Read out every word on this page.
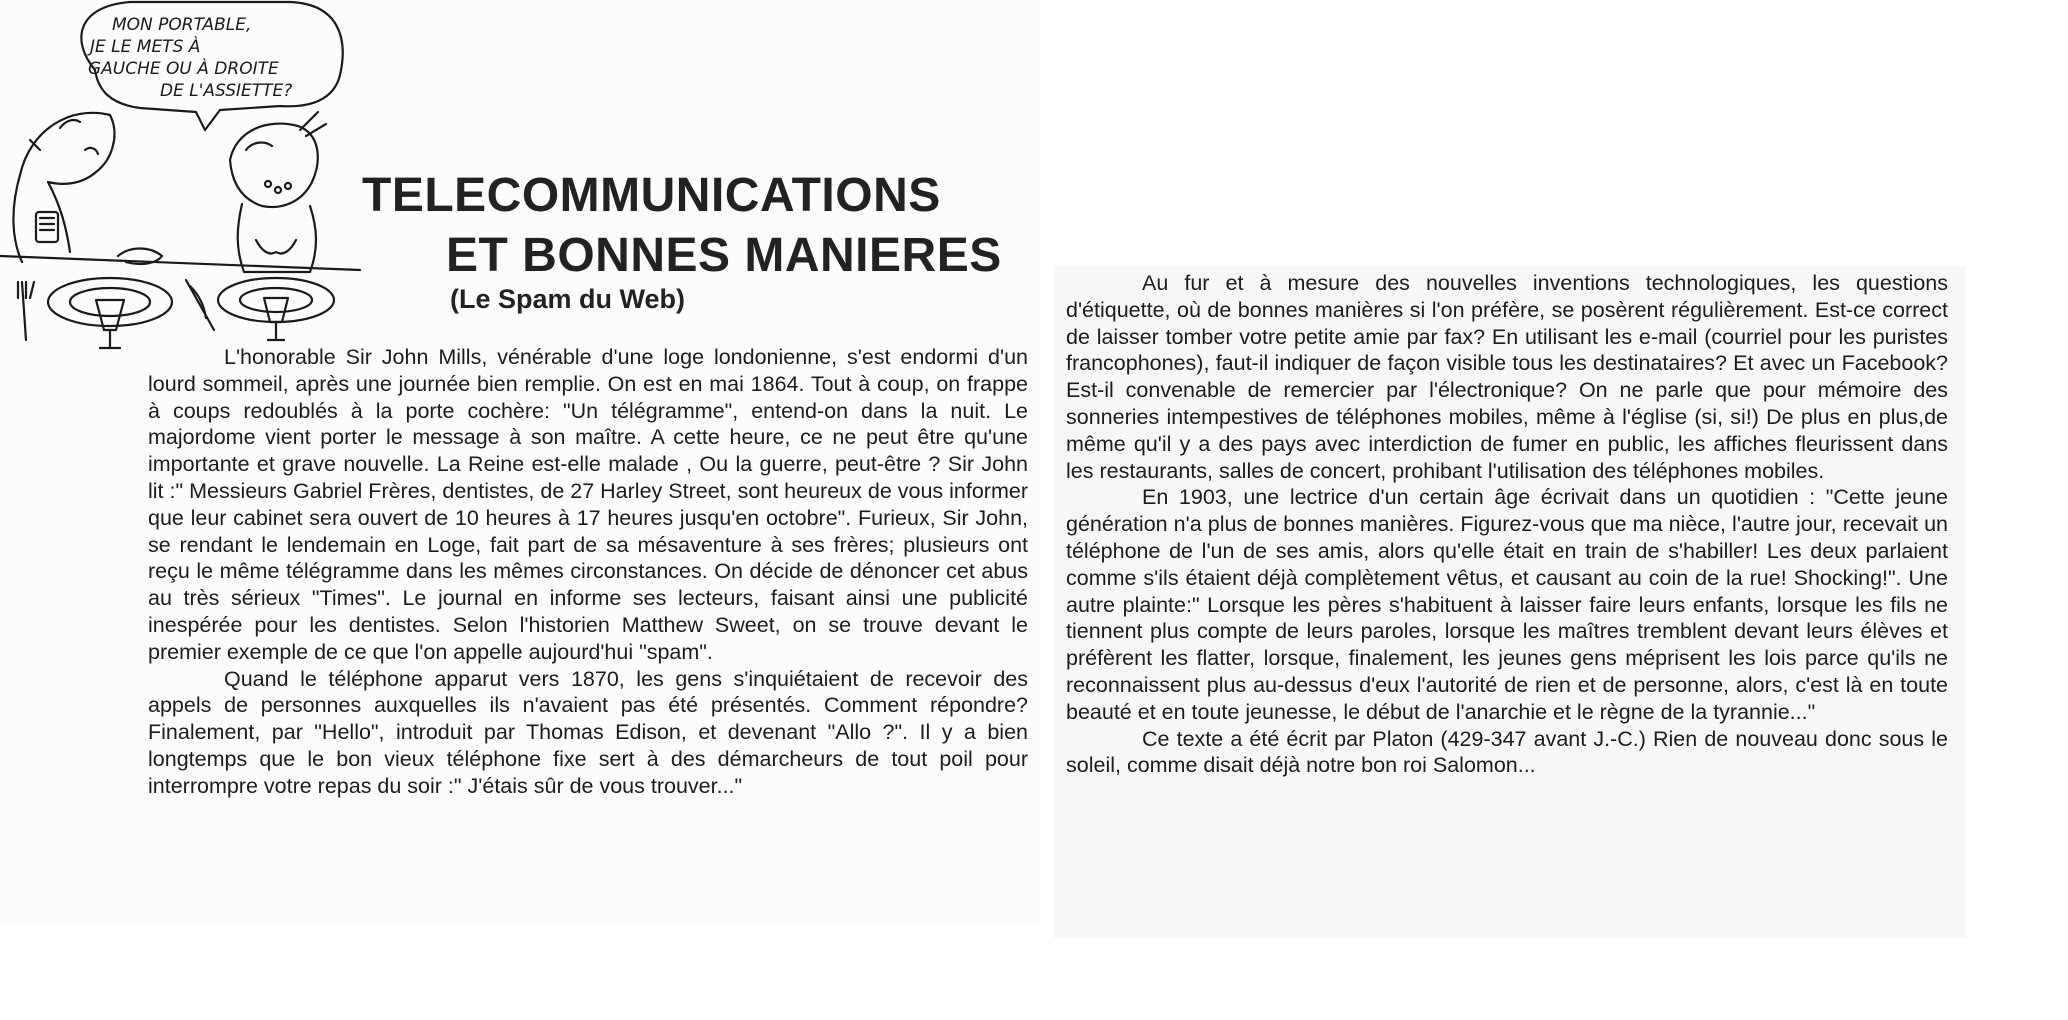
MON PORTABLE,
JE LE METS À
GAUCHE OU À DROITE
DE L'ASSIETTE?
TELECOMMUNICATIONS
ET BONNES MANIERES
(Le Spam du Web)

L'honorable Sir John Mills, vénérable d'une loge londonienne, s'est endormi d'un lourd sommeil, après une journée bien remplie. On est en mai 1864. Tout à coup, on frappe à coups redoublés à la porte cochère: "Un télégramme", entend-on dans la nuit. Le majordome vient porter le message à son maître. A cette heure, ce ne peut être qu'une importante et grave nouvelle. La Reine est-elle malade , Ou la guerre, peut-être ? Sir John lit :" Messieurs Gabriel Frères, dentistes, de 27 Harley Street, sont heureux de vous informer que leur cabinet sera ouvert de 10 heures à 17 heures jusqu'en octobre". Furieux, Sir John, se rendant le lendemain en Loge, fait part de sa mésaventure à ses frères; plusieurs ont reçu le même télégramme dans les mêmes circonstances. On décide de dénoncer cet abus au très sérieux "Times". Le journal en informe ses lecteurs, faisant ainsi une publicité inespérée pour les dentistes. Selon l'historien Matthew Sweet, on se trouve devant le premier exemple de ce que l'on appelle aujourd'hui "spam".

Quand le téléphone apparut vers 1870, les gens s'inquiétaient de recevoir des appels de personnes auxquelles ils n'avaient pas été présentés. Comment répondre? Finalement, par "Hello", introduit par Thomas Edison, et devenant "Allo ?". Il y a bien longtemps que le bon vieux téléphone fixe sert à des démarcheurs de tout poil pour interrompre votre repas du soir :" J'étais sûr de vous trouver..."

Au fur et à mesure des nouvelles inventions technologiques, les questions d'étiquette, où de bonnes manières si l'on préfère, se posèrent régulièrement. Est-ce correct de laisser tomber votre petite amie par fax? En utilisant les e-mail (courriel pour les puristes francophones), faut-il indiquer de façon visible tous les destinataires? Et avec un Facebook? Est-il convenable de remercier par l'électronique? On ne parle que pour mémoire des sonneries intempestives de téléphones mobiles, même à l'église (si, si!) De plus en plus,de même qu'il y a des pays avec interdiction de fumer en public, les affiches fleurissent dans les restaurants, salles de concert, prohibant l'utilisation des téléphones mobiles.

En 1903, une lectrice d'un certain âge écrivait dans un quotidien : "Cette jeune génération n'a plus de bonnes manières. Figurez-vous que ma nièce, l'autre jour, recevait un téléphone de l'un de ses amis, alors qu'elle était en train de s'habiller! Les deux parlaient comme s'ils étaient déjà complètement vêtus, et causant au coin de la rue! Shocking!". Une autre plainte:" Lorsque les pères s'habituent à laisser faire leurs enfants, lorsque les fils ne tiennent plus compte de leurs paroles, lorsque les maîtres tremblent devant leurs élèves et préfèrent les flatter, lorsque, finalement, les jeunes gens méprisent les lois parce qu'ils ne reconnaissent plus au-dessus d'eux l'autorité de rien et de personne, alors, c'est là en toute beauté et en toute jeunesse, le début de l'anarchie et le règne de la tyrannie..."

Ce texte a été écrit par Platon (429-347 avant J.-C.) Rien de nouveau donc sous le soleil, comme disait déjà notre bon roi Salomon...
